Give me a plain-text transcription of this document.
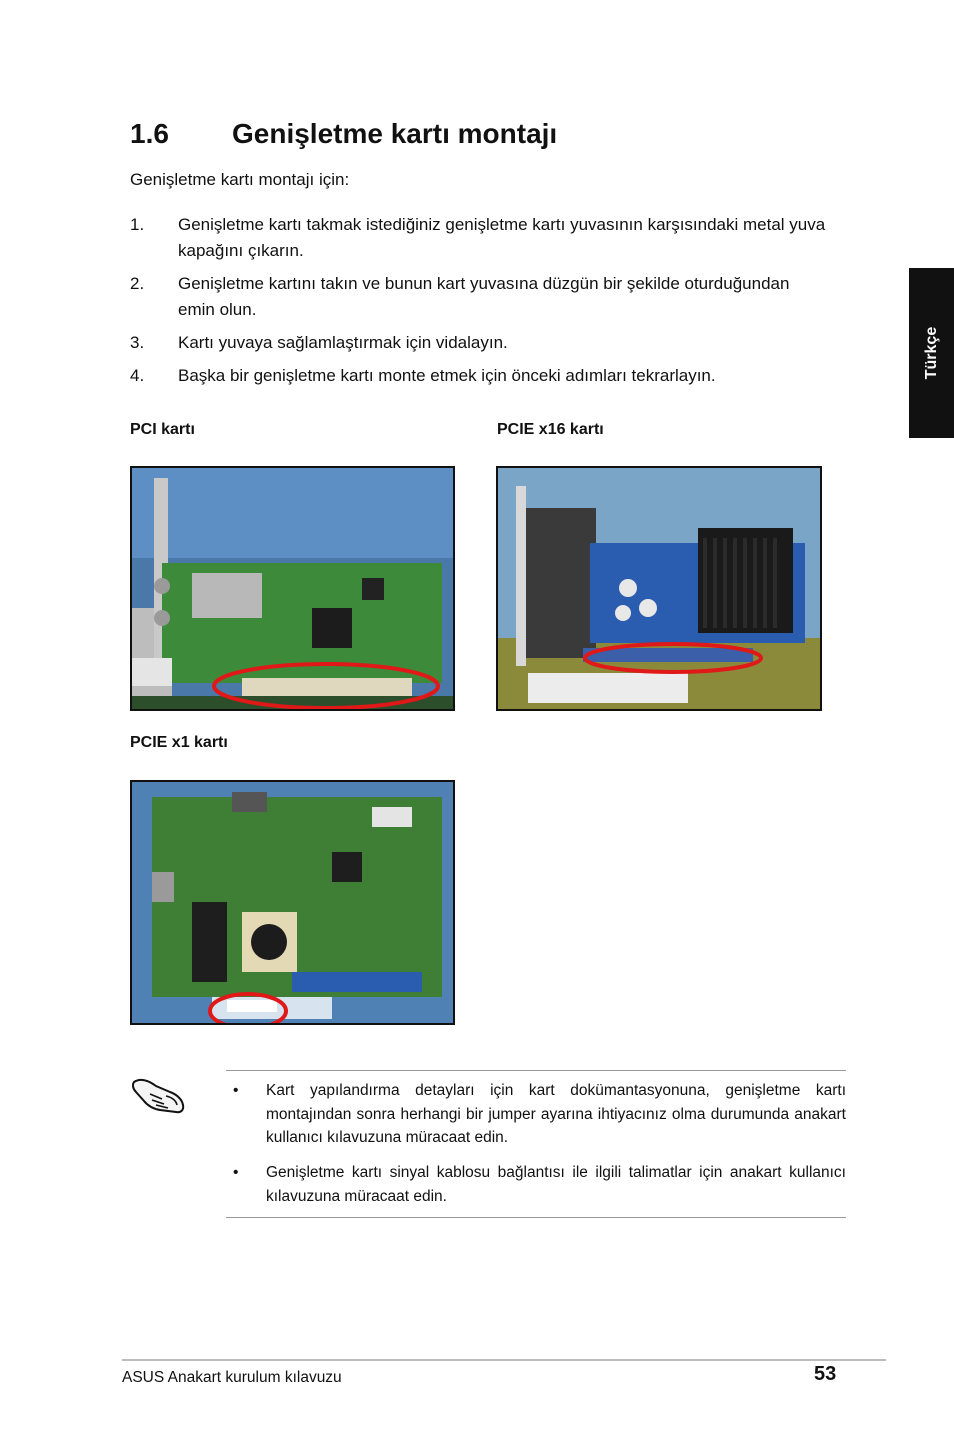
1.6 Genişletme kartı montajı
Genişletme kartı montajı için:
1. Genişletme kartı takmak istediğiniz genişletme kartı yuvasının karşısındaki metal yuva kapağını çıkarın.
2. Genişletme kartını takın ve bunun kart yuvasına düzgün bir şekilde oturduğundan emin olun.
3. Kartı yuvaya sağlamlaştırmak için vidalayın.
4. Başka bir genişletme kartı monte etmek için önceki adımları tekrarlayın.
PCI kartı	PCIE x16 kartı
PCIE x1 kartı
Türkçe
• Kart yapılandırma detayları için kart dokümantasyonuna, genişletme kartı montajından sonra herhangi bir jumper ayarına ihtiyacınız olma durumunda anakart kullanıcı kılavuzuna müracaat edin.
• Genişletme kartı sinyal kablosu bağlantısı ile ilgili talimatlar için anakart kullanıcı kılavuzuna müracaat edin.
ASUS Anakart kurulum kılavuzu	53
